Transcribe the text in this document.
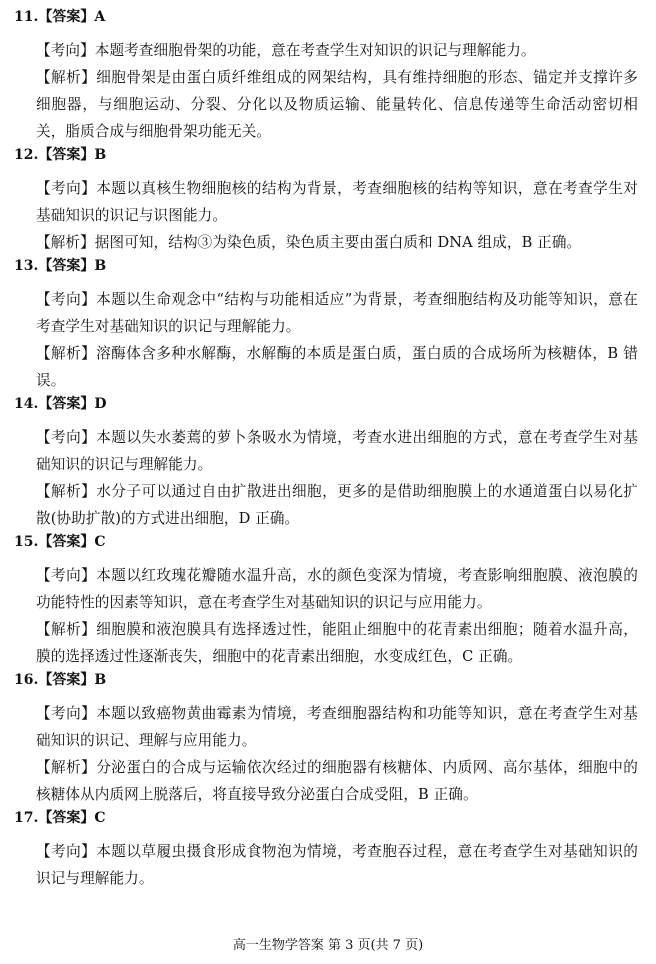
11.【答案】A

【考向】本题考查细胞骨架的功能，意在考查学生对知识的识记与理解能力。

【解析】细胞骨架是由蛋白质纤维组成的网架结构，具有维持细胞的形态、锚定并支撑许多细胞器，与细胞运动、分裂、分化以及物质运输、能量转化、信息传递等生命活动密切相关，脂质合成与细胞骨架功能无关。

12.【答案】B

【考向】本题以真核生物细胞核的结构为背景，考查细胞核的结构等知识，意在考查学生对基础知识的识记与识图能力。

【解析】据图可知，结构③为染色质，染色质主要由蛋白质和 DNA 组成，B 正确。

13.【答案】B

【考向】本题以生命观念中“结构与功能相适应”为背景，考查细胞结构及功能等知识，意在考查学生对基础知识的识记与理解能力。

【解析】溶酶体含多种水解酶，水解酶的本质是蛋白质，蛋白质的合成场所为核糖体，B 错误。

14.【答案】D

【考向】本题以失水萎蔫的萝卜条吸水为情境，考查水进出细胞的方式，意在考查学生对基础知识的识记与理解能力。

【解析】水分子可以通过自由扩散进出细胞，更多的是借助细胞膜上的水通道蛋白以易化扩散(协助扩散)的方式进出细胞，D 正确。

15.【答案】C

【考向】本题以红玫瑰花瓣随水温升高，水的颜色变深为情境，考查影响细胞膜、液泡膜的功能特性的因素等知识，意在考查学生对基础知识的识记与应用能力。

【解析】细胞膜和液泡膜具有选择透过性，能阻止细胞中的花青素出细胞；随着水温升高，膜的选择透过性逐渐丧失，细胞中的花青素出细胞，水变成红色，C 正确。

16.【答案】B

【考向】本题以致癌物黄曲霉素为情境，考查细胞器结构和功能等知识，意在考查学生对基础知识的识记、理解与应用能力。

【解析】分泌蛋白的合成与运输依次经过的细胞器有核糖体、内质网、高尔基体，细胞中的核糖体从内质网上脱落后，将直接导致分泌蛋白合成受阻，B 正确。

17.【答案】C

【考向】本题以草履虫摄食形成食物泡为情境，考查胞吞过程，意在考查学生对基础知识的识记与理解能力。

高一生物学答案 第 3 页(共 7 页)
